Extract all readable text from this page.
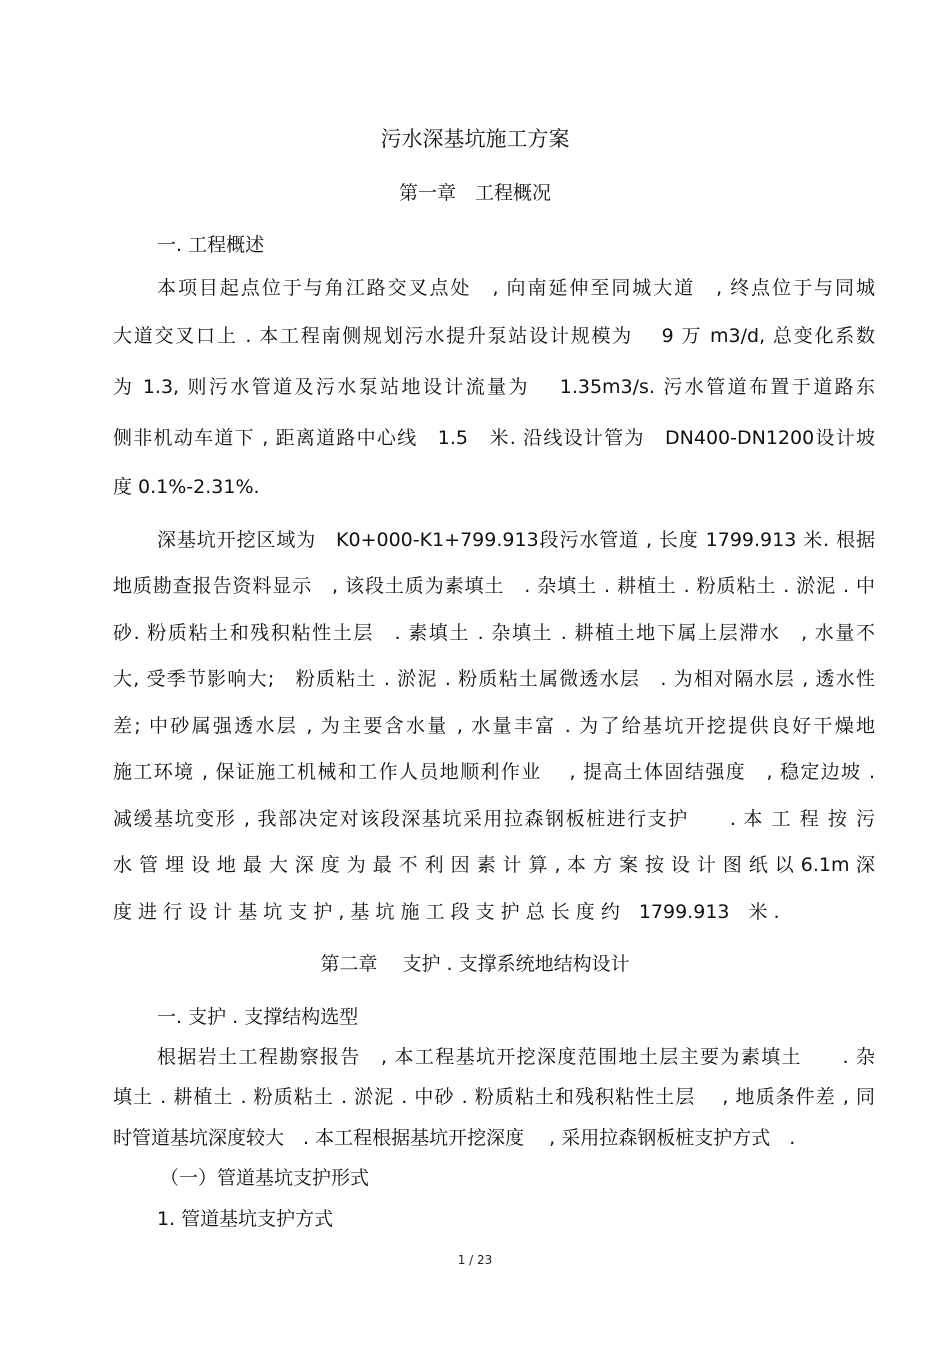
污水深基坑施工方案
第一章　工程概况
一. 工程概述
本项目起点位于与角江路交叉点处　, 向南延伸至同城大道　, 终点位于与同城
大道交叉口上 . 本工程南侧规划污水提升泵站设计规模为　 9 万 m3/d, 总变化系数
为 1.3, 则污水管道及污水泵站地设计流量为　 1.35m3/s. 污水管道布置于道路东
侧非机动车道下 , 距离道路中心线　1.5　米. 沿线设计管为　DN400-DN1200设计坡
度 0.1%-2.31%.
深基坑开挖区域为　K0+000-K1+799.913段污水管道 , 长度 1799.913 米. 根据
地质勘查报告资料显示　, 该段土质为素填土　. 杂填土 . 耕植土 . 粉质粘土 . 淤泥 . 中
砂. 粉质粘土和残积粘性土层　. 素填土 . 杂填土 . 耕植土地下属上层滞水　, 水量不
大, 受季节影响大;　粉质粘土 . 淤泥 . 粉质粘土属微透水层　. 为相对隔水层 , 透水性
差; 中砂属强透水层 , 为主要含水量 , 水量丰富 . 为了给基坑开挖提供良好干燥地
施工环境 , 保证施工机械和工作人员地顺利作业　 , 提高土体固结强度　, 稳定边坡 .
减缓基坑变形 , 我部决定对该段深基坑采用拉森钢板桩进行支护　　. 本 工 程 按 污
水 管 埋 设 地 最 大 深 度 为 最 不 利 因 素 计 算 , 本 方 案 按 设 计 图 纸 以 6.1m 深
度 进 行 设 计 基 坑 支 护 , 基 坑 施 工 段 支 护 总 长 度 约　1799.913　米 .
第二章　 支护 . 支撑系统地结构设计
一. 支护 . 支撑结构选型
根据岩土工程勘察报告　, 本工程基坑开挖深度范围地土层主要为素填土　　. 杂
填土 . 耕植土 . 粉质粘土 . 淤泥 . 中砂 . 粉质粘土和残积粘性土层　 , 地质条件差 , 同
时管道基坑深度较大　. 本工程根据基坑开挖深度　 , 采用拉森钢板桩支护方式　.
（一）管道基坑支护形式
1. 管道基坑支护方式
1 / 23
